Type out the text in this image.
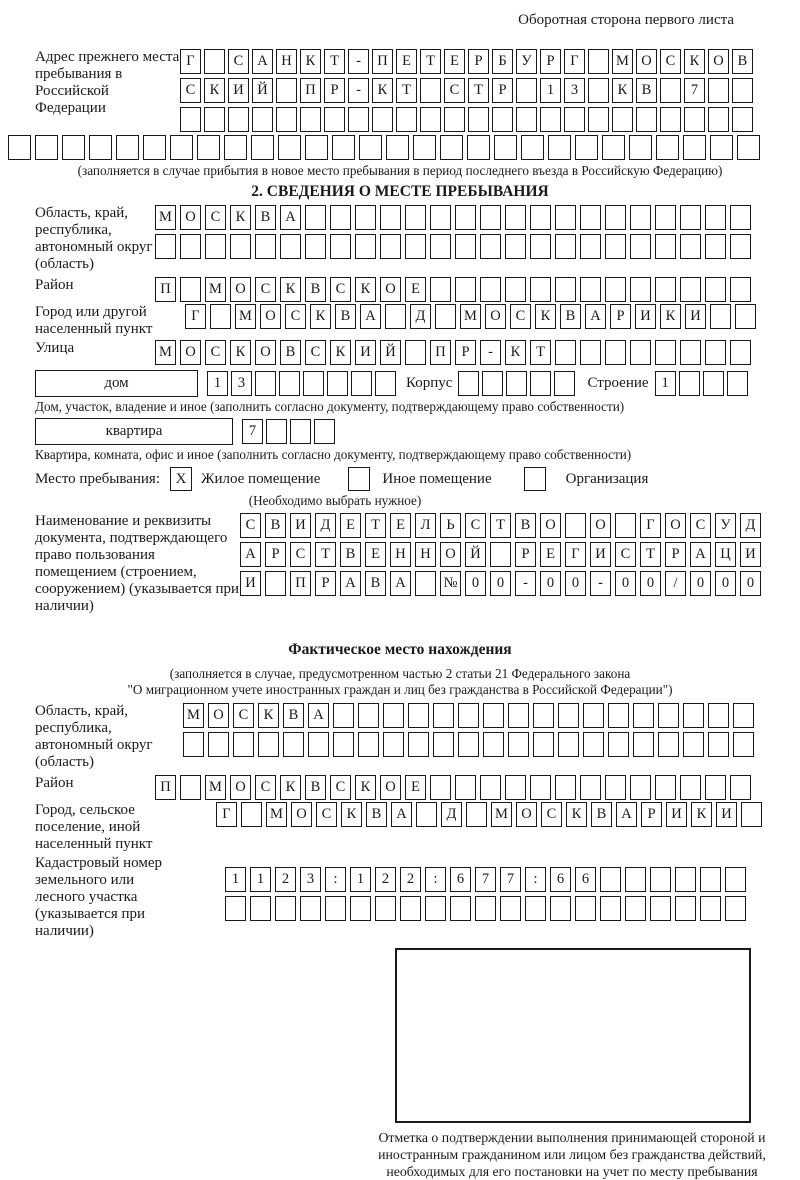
Оборотная сторона первого листа
Адрес прежнего места пребывания в Российской Федерации
Г	С А Н К	Т	-	П Е	Т	Е	Р	Б	У	Р	Г	М О С К О В
С К И Й	П	Р	-	К	Т	С	Т	Р	1	3	К В	7
(заполняется в случае прибытия в новое место пребывания в период последнего въезда в Российскую Федерацию)
2. СВЕДЕНИЯ О МЕСТЕ ПРЕБЫВАНИЯ
Область, край, республика, автономный округ (область)
М О	С	К	В	А
Район	П	М О	С	К	В	С	К	О	Е
Город или другой населенный пункт
Г	М О	С	К	В	А	Д	М О	С	К	В	А	Р	И	К	И
Улица	М О	С	К	О	В	С	К	И	Й	П	Р	-	К	Т
дом	1	3	Корпус	Строение 1
Дом, участок, владение и иное (заполнить согласно документу, подтверждающему право собственности)
квартира	7
Квартира, комната, офис и иное (заполнить согласно документу, подтверждающему право собственности)
Место пребывания:	X Жилое помещение	Иное помещение	Организация
(Необходимо выбрать нужное)
Наименование и реквизиты документа, подтверждающего право пользования помещением (строением, сооружением) (указывается при наличии)
С	В	И	Д	Е	Т	Е	Л	Ь	С	Т	В	О	О	Г	О	С	У	Д
А	Р	С	Т	В	Е	Н	Н	О	Й	Р	Е	Г	И	С	Т	Р	А	Ц	И
И	П	Р	А	В	А	№ 0	0	-	0	0	-	0	0	/	0	0	0
Фактическое место нахождения
(заполняется в случае, предусмотренном частью 2 статьи 21 Федерального закона
"О миграционном учете иностранных граждан и лиц без гражданства в Российской Федерации")
Область, край, республика, автономный округ (область)
М О	С	К	В	А
Район	П	М О	С	К	В	С	К	О	Е
Город, сельское поселение, иной населенный пункт
Г	М О	С	К	В	А	Д	М О	С	К	В	А	Р	И	К	И
Кадастровый номер земельного или лесного участка (указывается при наличии)
1	1	2	3	:	1	2	2	:	6	7	7	:	6	6
Отметка о подтверждении выполнения принимающей стороной и иностранным гражданином или лицом без гражданства действий, необходимых для его постановки на учет по месту пребывания
